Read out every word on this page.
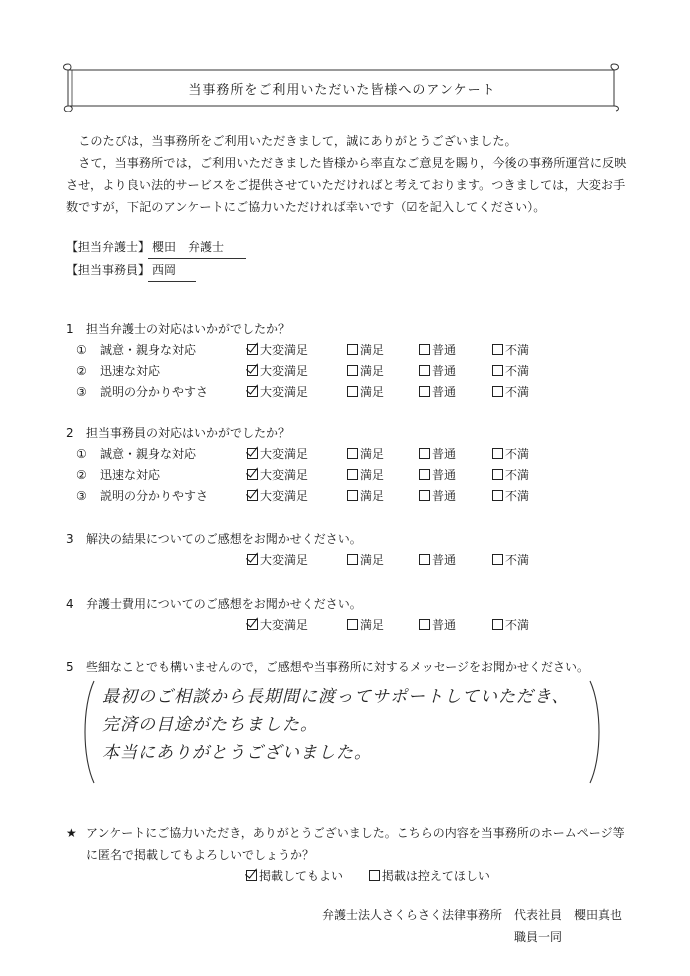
当事務所をご利用いただいた皆様へのアンケート

このたびは，当事務所をご利用いただきまして，誠にありがとうございました。

さて，当事務所では，ご利用いただきました皆様から率直なご意見を賜り，今後の事務所運営に反映させ，より良い法的サービスをご提供させていただければと考えております。つきましては，大変お手数ですが，下記のアンケートにご協力いただければ幸いです（☑を記入してください）。

【担当弁護士】 櫻田　弁護士
【担当事務員】 西岡
1	担当弁護士の対応はいかがでしたか？
① 誠意・親身な対応	大変満足	満足	普通	不満
② 迅速な対応	大変満足	満足	普通	不満
③ 説明の分かりやすさ	大変満足	満足	普通	不満
2	担当事務員の対応はいかがでしたか？
① 誠意・親身な対応	大変満足	満足	普通	不満
② 迅速な対応	大変満足	満足	普通	不満
③ 説明の分かりやすさ	大変満足	満足	普通	不満
3	解決の結果についてのご感想をお聞かせください。
大変満足	満足	普通	不満
4	弁護士費用についてのご感想をお聞かせください。
大変満足	満足	普通	不満
5	些細なことでも構いませんので，ご感想や当事務所に対するメッセージをお聞かせください。
最初のご相談から長期間に渡ってサポートしていただき、
完済の目途がたちました。
本当にありがとうございました。
★ アンケートにご協力いただき，ありがとうございました。こちらの内容を当事務所のホームページ等に匿名で掲載してもよろしいでしょうか？
掲載してもよい	掲載は控えてほしい
弁護士法人さくらさく法律事務所 代表社員 櫻田真也
職員一同
